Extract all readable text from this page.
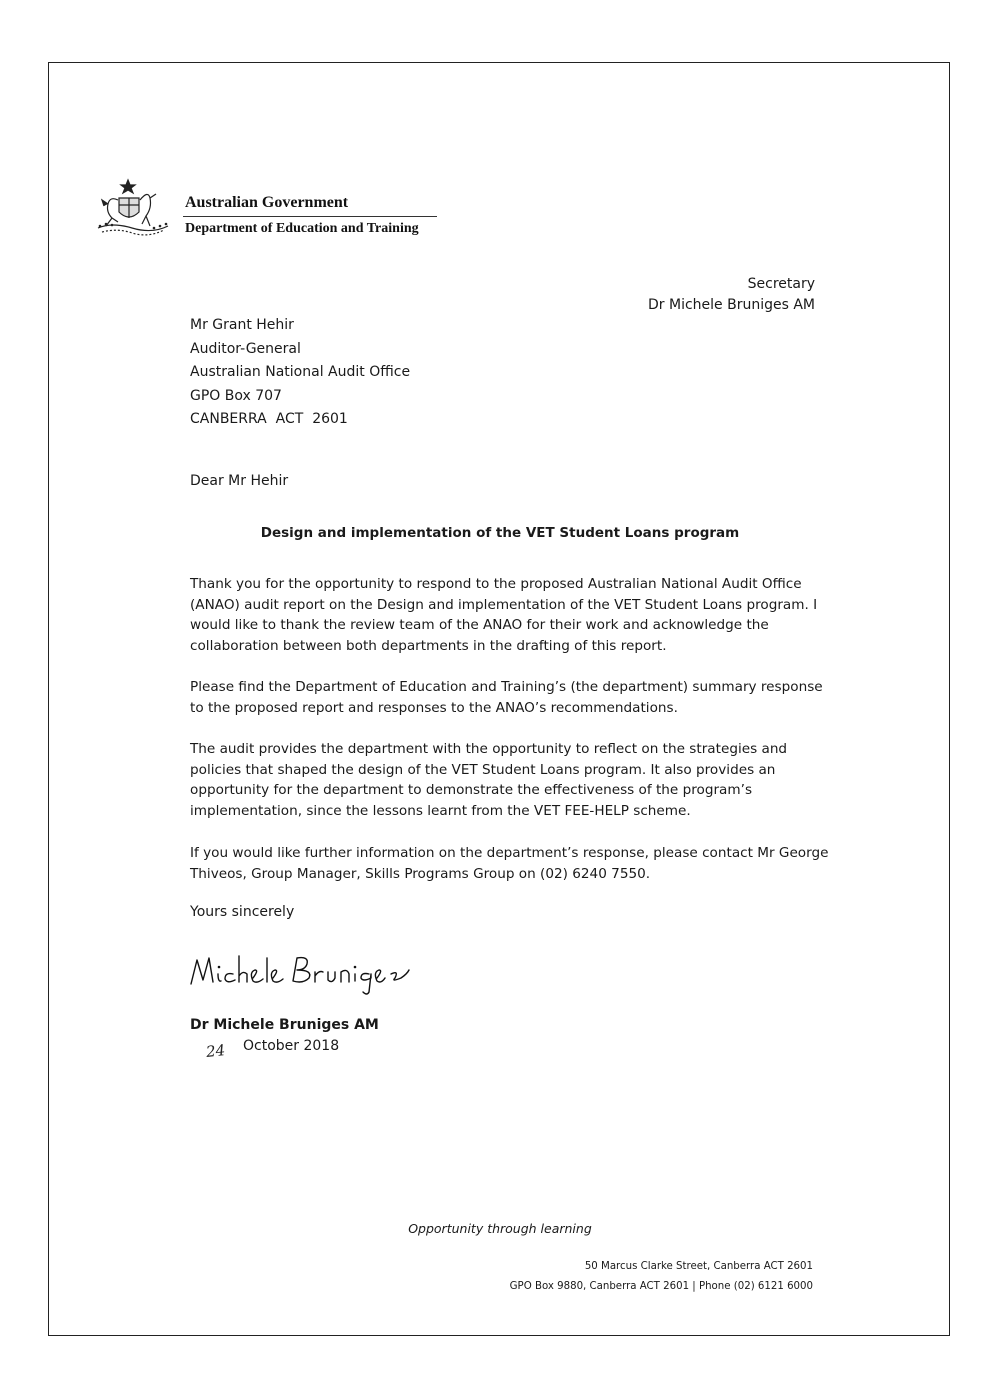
Australian Government
Department of Education and Training
Secretary
Dr Michele Bruniges AM
Mr Grant Hehir
Auditor-General
Australian National Audit Office
GPO Box 707
CANBERRA  ACT  2601
Dear Mr Hehir
Design and implementation of the VET Student Loans program
Thank you for the opportunity to respond to the proposed Australian National Audit Office (ANAO) audit report on the Design and implementation of the VET Student Loans program. I would like to thank the review team of the ANAO for their work and acknowledge the collaboration between both departments in the drafting of this report.
Please find the Department of Education and Training’s (the department) summary response to the proposed report and responses to the ANAO’s recommendations.
The audit provides the department with the opportunity to reflect on the strategies and policies that shaped the design of the VET Student Loans program. It also provides an opportunity for the department to demonstrate the effectiveness of the program’s implementation, since the lessons learnt from the VET FEE-HELP scheme.
If you would like further information on the department’s response, please contact Mr George Thiveos, Group Manager, Skills Programs Group on (02) 6240 7550.
Yours sincerely
Dr Michele Bruniges AM
24 October 2018
Opportunity through learning
50 Marcus Clarke Street, Canberra ACT 2601
GPO Box 9880, Canberra ACT 2601 | Phone (02) 6121 6000
